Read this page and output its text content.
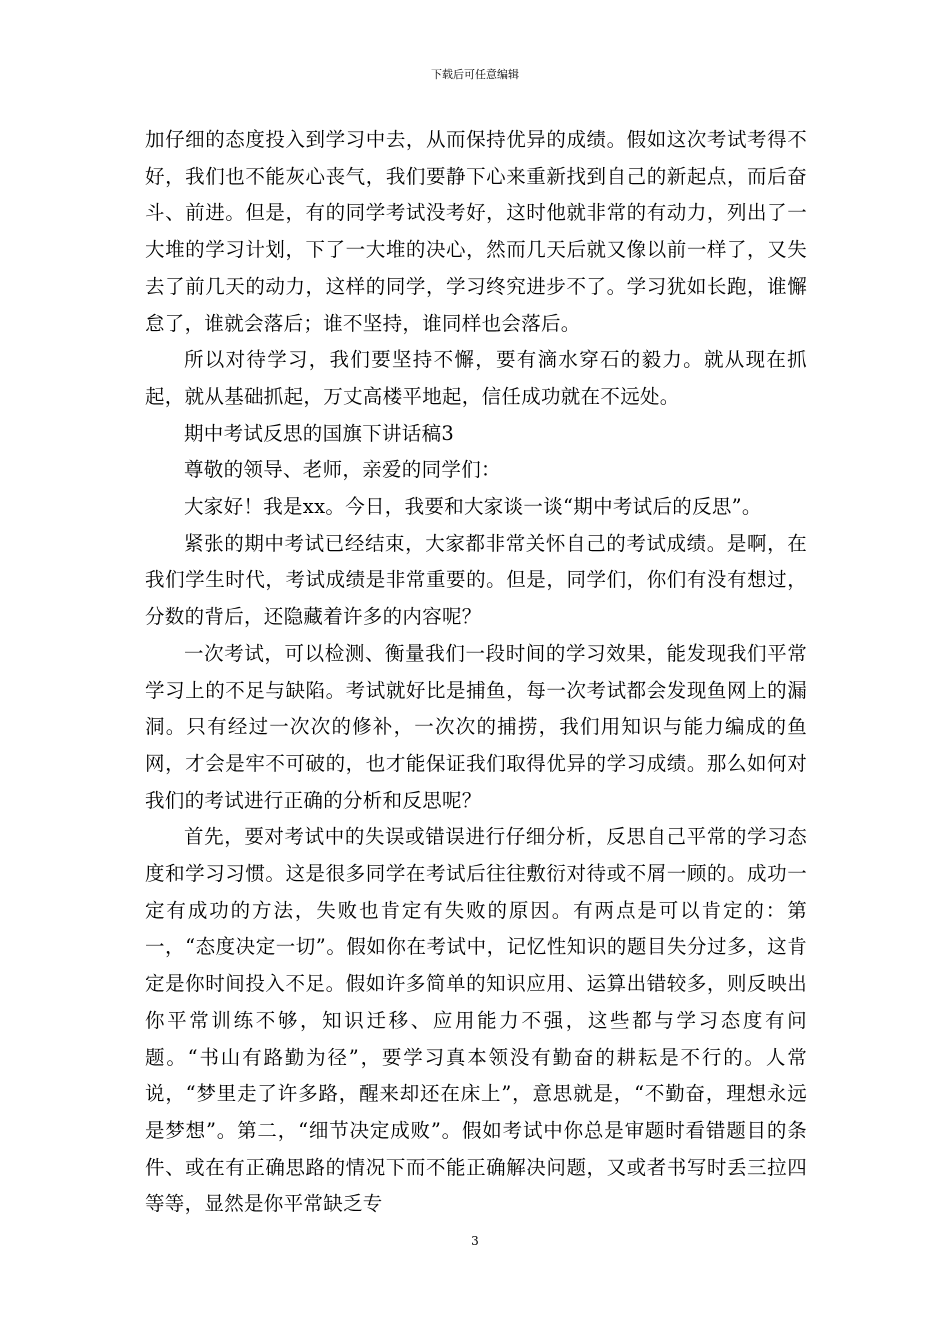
下载后可任意编辑

加仔细的态度投入到学习中去，从而保持优异的成绩。假如这次考试考得不好，我们也不能灰心丧气，我们要静下心来重新找到自己的新起点，而后奋斗、前进。但是，有的同学考试没考好，这时他就非常的有动力，列出了一大堆的学习计划，下了一大堆的决心，然而几天后就又像以前一样了，又失去了前几天的动力，这样的同学，学习终究进步不了。学习犹如长跑，谁懈怠了，谁就会落后；谁不坚持，谁同样也会落后。

所以对待学习，我们要坚持不懈，要有滴水穿石的毅力。就从现在抓起，就从基础抓起，万丈高楼平地起，信任成功就在不远处。

期中考试反思的国旗下讲话稿3

尊敬的领导、老师，亲爱的同学们：

大家好！我是xx。今日，我要和大家谈一谈“期中考试后的反思”。

紧张的期中考试已经结束，大家都非常关怀自己的考试成绩。是啊，在我们学生时代，考试成绩是非常重要的。但是，同学们，你们有没有想过，分数的背后，还隐藏着许多的内容呢？

一次考试，可以检测、衡量我们一段时间的学习效果，能发现我们平常学习上的不足与缺陷。考试就好比是捕鱼，每一次考试都会发现鱼网上的漏洞。只有经过一次次的修补，一次次的捕捞，我们用知识与能力编成的鱼网，才会是牢不可破的，也才能保证我们取得优异的学习成绩。那么如何对我们的考试进行正确的分析和反思呢？

首先，要对考试中的失误或错误进行仔细分析，反思自己平常的学习态度和学习习惯。这是很多同学在考试后往往敷衍对待或不屑一顾的。成功一定有成功的方法，失败也肯定有失败的原因。有两点是可以肯定的：第一，“态度决定一切”。假如你在考试中，记忆性知识的题目失分过多，这肯定是你时间投入不足。假如许多简单的知识应用、运算出错较多，则反映出你平常训练不够，知识迁移、应用能力不强，这些都与学习态度有问题。“书山有路勤为径”，要学习真本领没有勤奋的耕耘是不行的。人常说，“梦里走了许多路，醒来却还在床上”，意思就是，“不勤奋，理想永远是梦想”。第二，“细节决定成败”。假如考试中你总是审题时看错题目的条件、或在有正确思路的情况下而不能正确解决问题，又或者书写时丢三拉四等等，显然是你平常缺乏专

3
